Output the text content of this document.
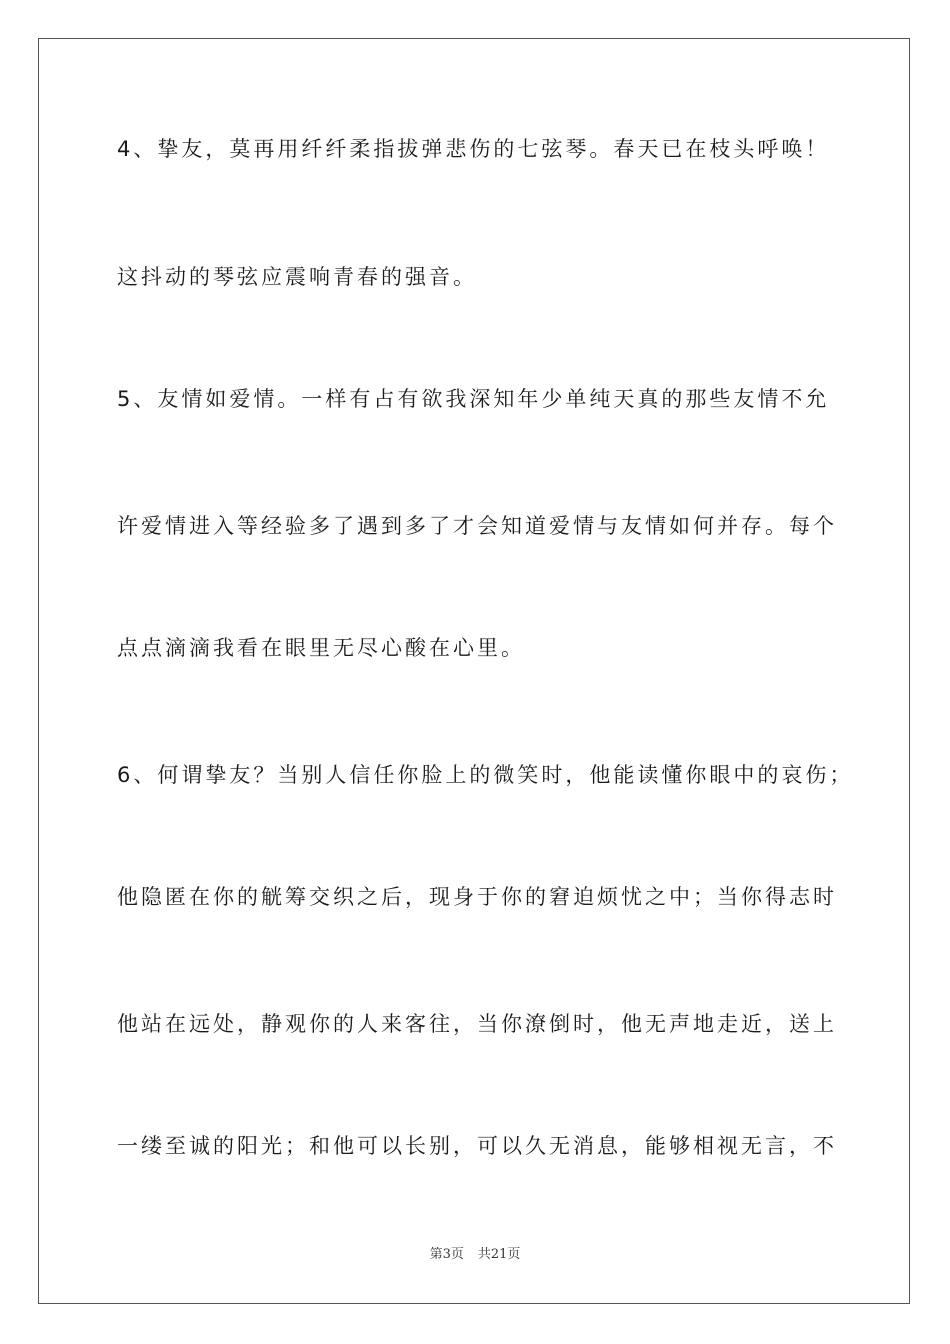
4、挚友，莫再用纤纤柔指拔弹悲伤的七弦琴。春天已在枝头呼唤！

这抖动的琴弦应震响青春的强音。

5、友情如爱情。一样有占有欲我深知年少单纯天真的那些友情不允

许爱情进入等经验多了遇到多了才会知道爱情与友情如何并存。每个

点点滴滴我看在眼里无尽心酸在心里。

6、何谓挚友？当别人信任你脸上的微笑时，他能读懂你眼中的哀伤；

他隐匿在你的觥筹交织之后，现身于你的窘迫烦忧之中；当你得志时

他站在远处，静观你的人来客往，当你潦倒时，他无声地走近，送上

一缕至诚的阳光；和他可以长别，可以久无消息，能够相视无言，不

第3页 共21页
